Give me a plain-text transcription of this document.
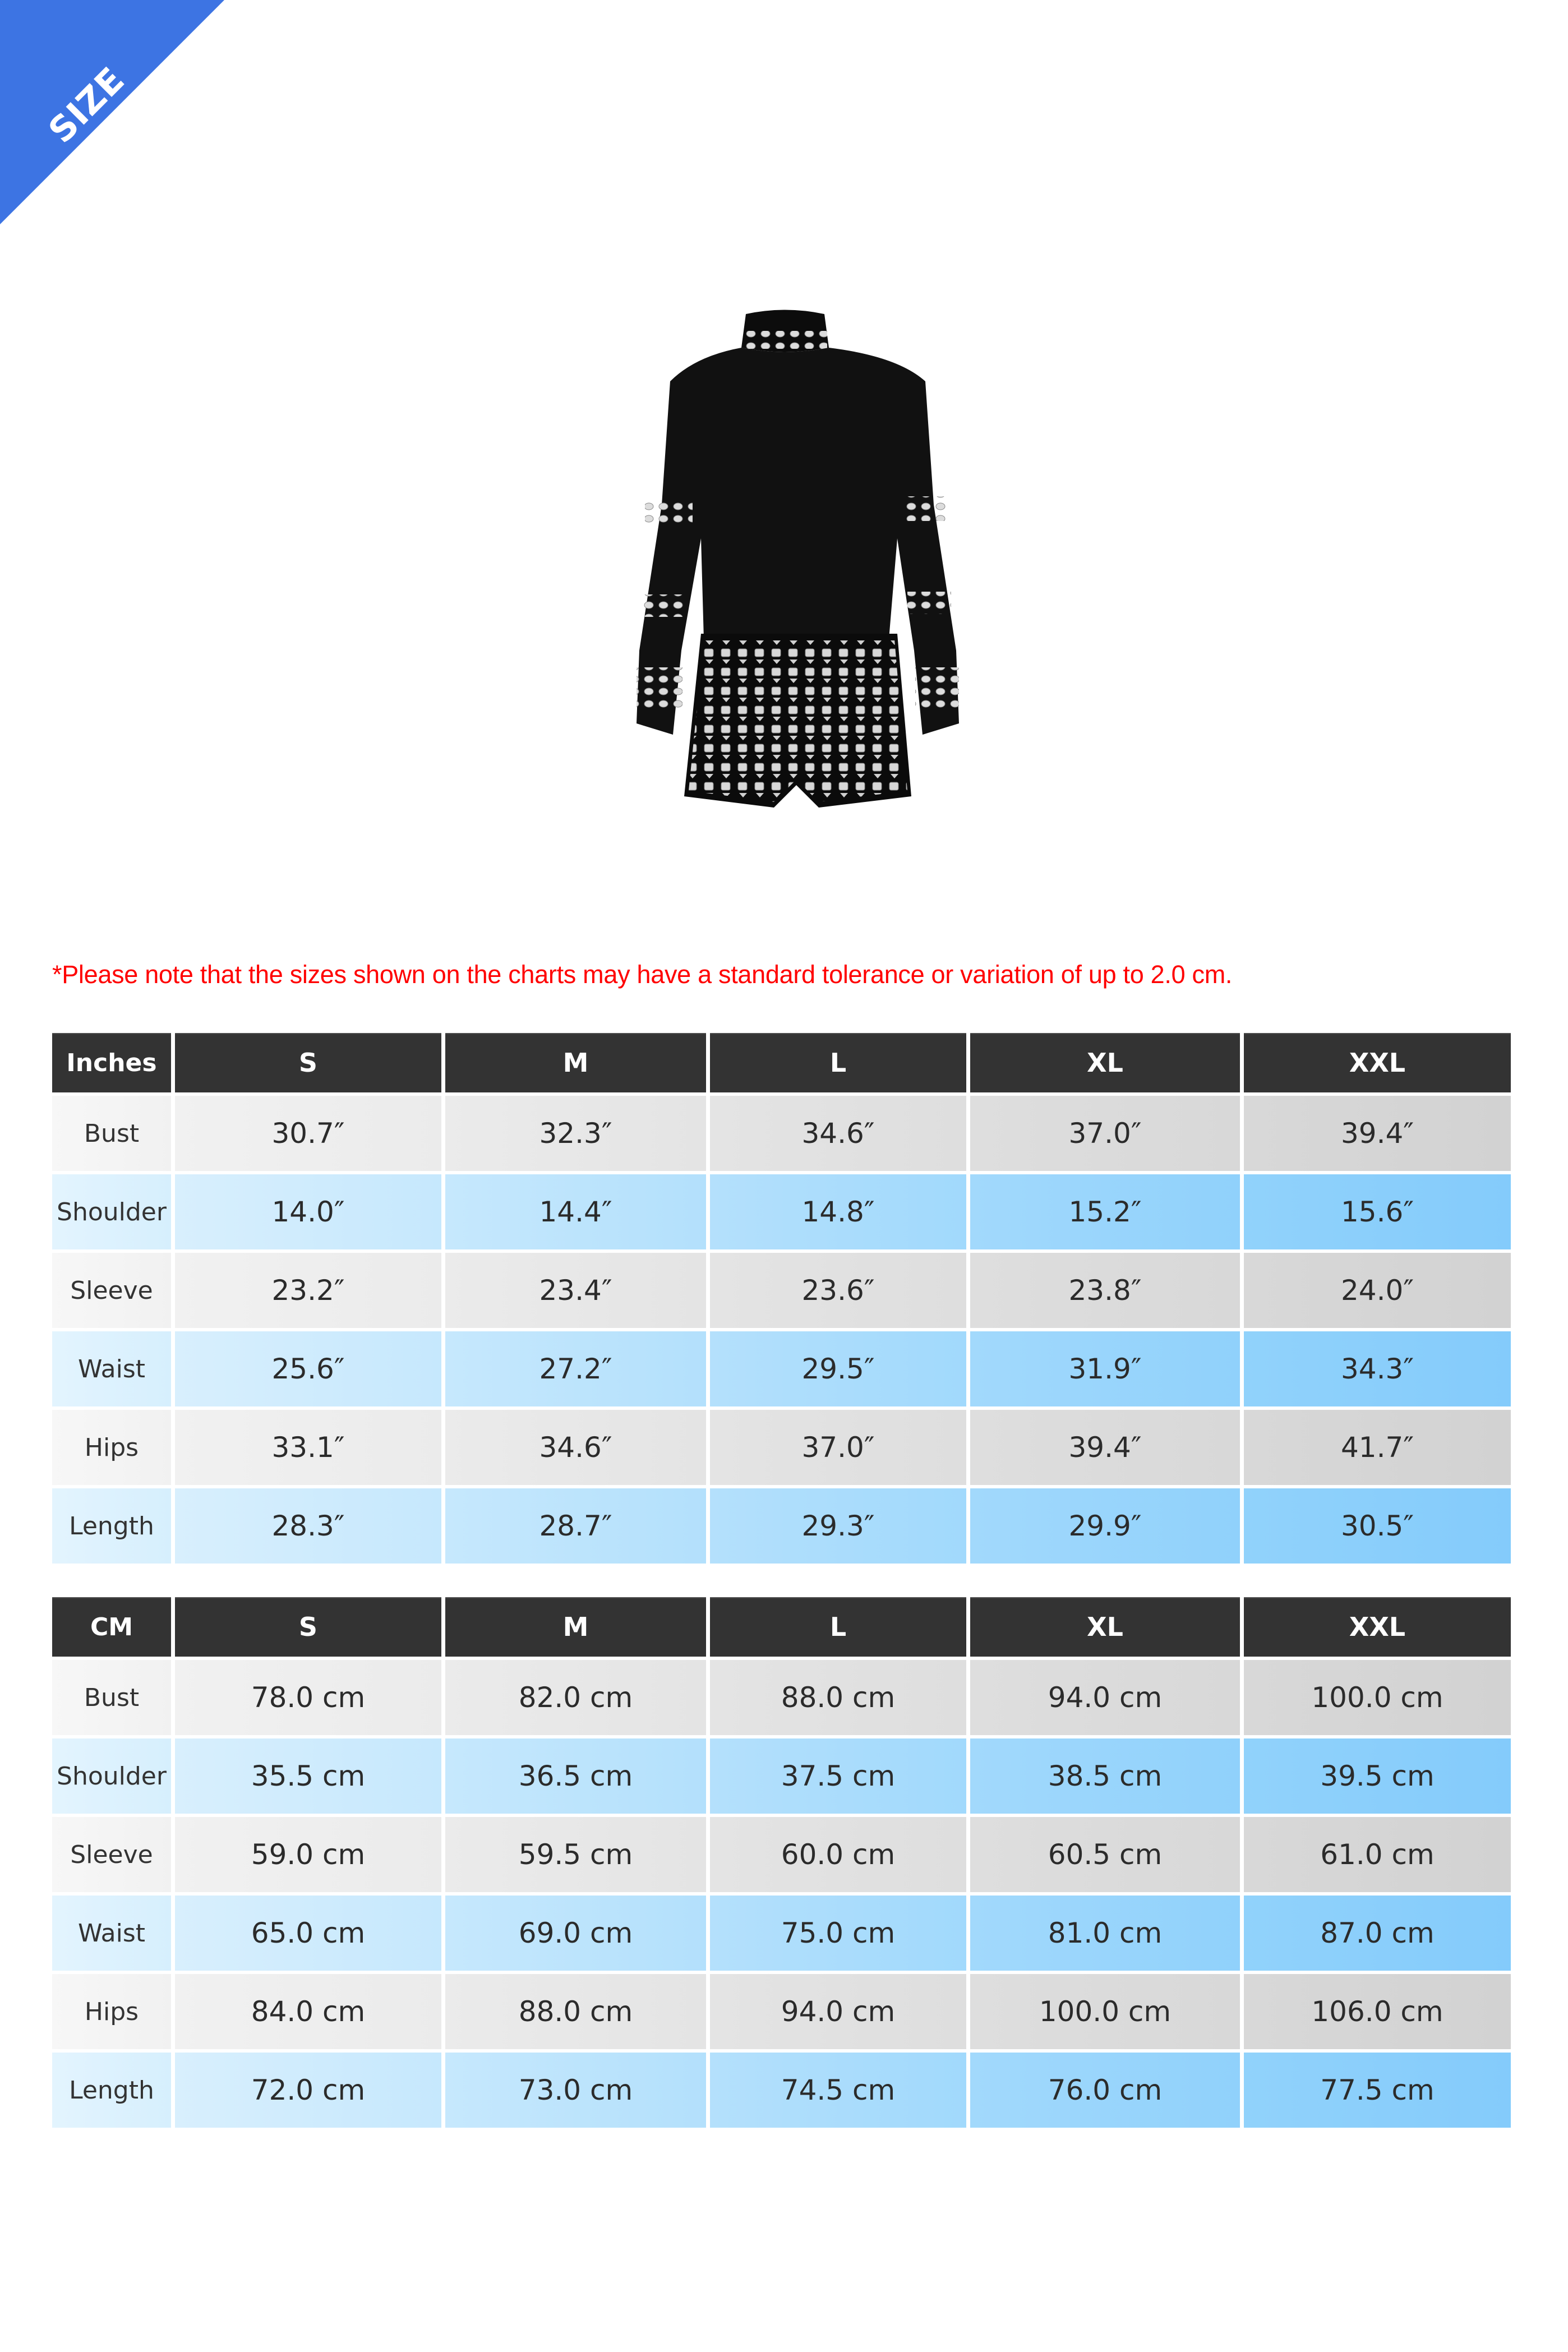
SIZE CHART
*Please note that the sizes shown on the charts may have a standard tolerance or variation of up to 2.0 cm.
Inches	S	M	L	XL	XXL
Bust	30.7″	32.3″	34.6″	37.0″	39.4″
Shoulder	14.0″	14.4″	14.8″	15.2″	15.6″
Sleeve	23.2″	23.4″	23.6″	23.8″	24.0″
Waist	25.6″	27.2″	29.5″	31.9″	34.3″
Hips	33.1″	34.6″	37.0″	39.4″	41.7″
Length	28.3″	28.7″	29.3″	29.9″	30.5″
CM	S	M	L	XL	XXL
Bust	78.0 cm	82.0 cm	88.0 cm	94.0 cm	100.0 cm
Shoulder	35.5 cm	36.5 cm	37.5 cm	38.5 cm	39.5 cm
Sleeve	59.0 cm	59.5 cm	60.0 cm	60.5 cm	61.0 cm
Waist	65.0 cm	69.0 cm	75.0 cm	81.0 cm	87.0 cm
Hips	84.0 cm	88.0 cm	94.0 cm	100.0 cm	106.0 cm
Length	72.0 cm	73.0 cm	74.5 cm	76.0 cm	77.5 cm
